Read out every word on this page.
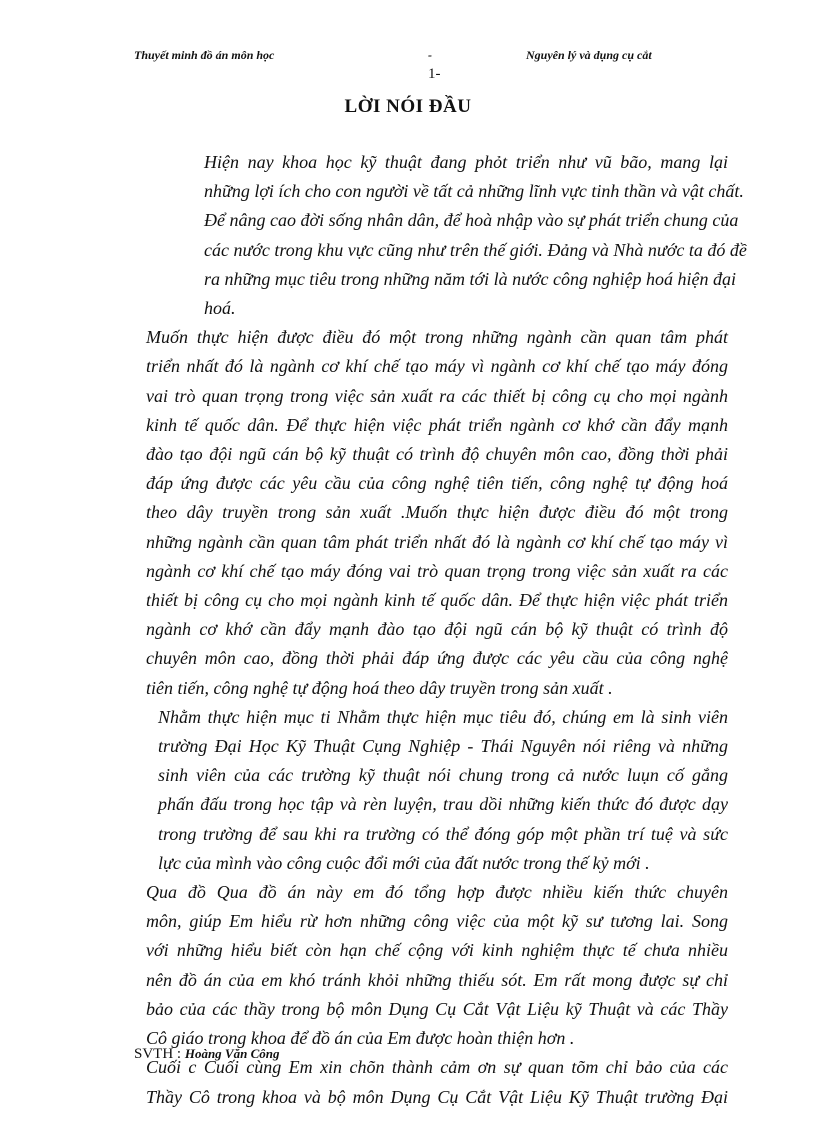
Thuyết minh đồ án môn học	-	Nguyên lý và dụng cụ cắt
1-
LỜI NÓI ĐẦU

Hiện nay khoa học kỹ thuật đang phỏt triển như vũ bão, mang lại
những lợi ích cho con người về tất cả những lĩnh vực tinh thần và vật chất.
Để nâng cao đời sống nhân dân, để hoà nhập vào sự phát triển chung của
các nước trong khu vực cũng như trên thế giới. Đảng và Nhà nước ta đó đề
ra những mục tiêu trong những năm tới là nước công nghiệp hoá hiện đại
hoá.

Muốn thực hiện được điều đó một trong những ngành cần quan tâm phát
triển nhất đó là ngành cơ khí chế tạo máy vì ngành cơ khí chế tạo máy đóng
vai trò quan trọng trong việc sản xuất ra các thiết bị công cụ cho mọi ngành
kinh tế quốc dân. Để thực hiện việc phát triển ngành cơ khớ cần đẩy mạnh
đào tạo đội ngũ cán bộ kỹ thuật có trình độ chuyên môn cao, đồng thời phải
đáp ứng được các yêu cầu của công nghệ tiên tiến, công nghệ tự động hoá
theo dây truyền trong sản xuất .Muốn thực hiện được điều đó một trong
những ngành cần quan tâm phát triển nhất đó là ngành cơ khí chế tạo máy vì
ngành cơ khí chế tạo máy đóng vai trò quan trọng trong việc sản xuất ra các
thiết bị công cụ cho mọi ngành kinh tế quốc dân. Để thực hiện việc phát triển
ngành cơ khớ cần đẩy mạnh đào tạo đội ngũ cán bộ kỹ thuật có trình độ
chuyên môn cao, đồng thời phải đáp ứng được các yêu cầu của công nghệ
tiên tiến, công nghệ tự động hoá theo dây truyền trong sản xuất .

Nhằm thực hiện mục ti Nhằm thực hiện mục tiêu đó, chúng em là sinh viên
trường Đại Học Kỹ Thuật Cụng Nghiệp - Thái Nguyên nói riêng và những
sinh viên của các trường kỹ thuật nói chung trong cả nước luụn cố gắng
phấn đấu trong học tập và rèn luyện, trau dồi những kiến thức đó được dạy
trong trường để sau khi ra trường có thể đóng góp một phần trí tuệ và sức
lực của mình vào công cuộc đổi mới của đất nước trong thế kỷ mới .

Qua đồ Qua đồ án này em đó tổng hợp được nhiều kiến thức chuyên
môn, giúp Em hiểu rừ hơn những công việc của một kỹ sư tương lai. Song
với những hiểu biết còn hạn chế cộng với kinh nghiệm thực tế chưa nhiều
nên đồ án của em khó tránh khỏi những thiếu sót. Em rất mong được sự chỉ
bảo của các thầy trong bộ môn Dụng Cụ Cắt Vật Liệu kỹ Thuật và các Thầy
Cô giáo trong khoa để đồ án của Em được hoàn thiện hơn .

Cuối c Cuối cùng Em xin chõn thành cảm ơn sự quan tõm chỉ bảo của các
Thầy Cô trong khoa và bộ môn Dụng Cụ Cắt Vật Liệu Kỹ Thuật trường Đại

SVTH : Hoàng Văn Công
